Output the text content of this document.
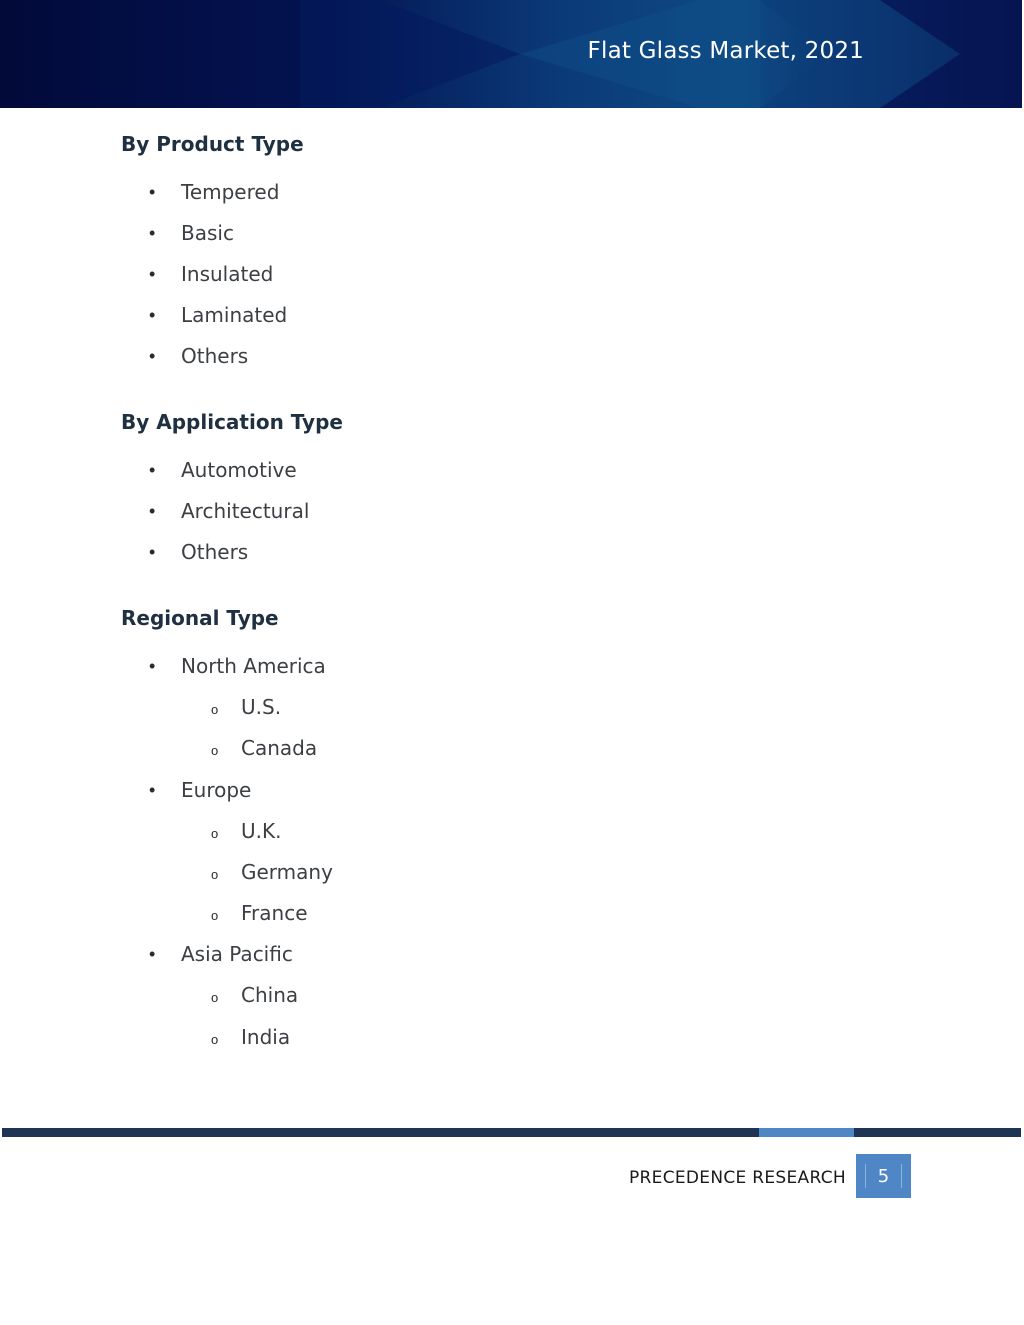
Flat Glass Market, 2021
By Product Type
• Tempered
• Basic
• Insulated
• Laminated
• Others
By Application Type
• Automotive
• Architectural
• Others
Regional Type
• North America
o U.S.
o Canada
• Europe
o U.K.
o Germany
o France
• Asia Pacific
o China
o India
PRECEDENCE RESEARCH 5
